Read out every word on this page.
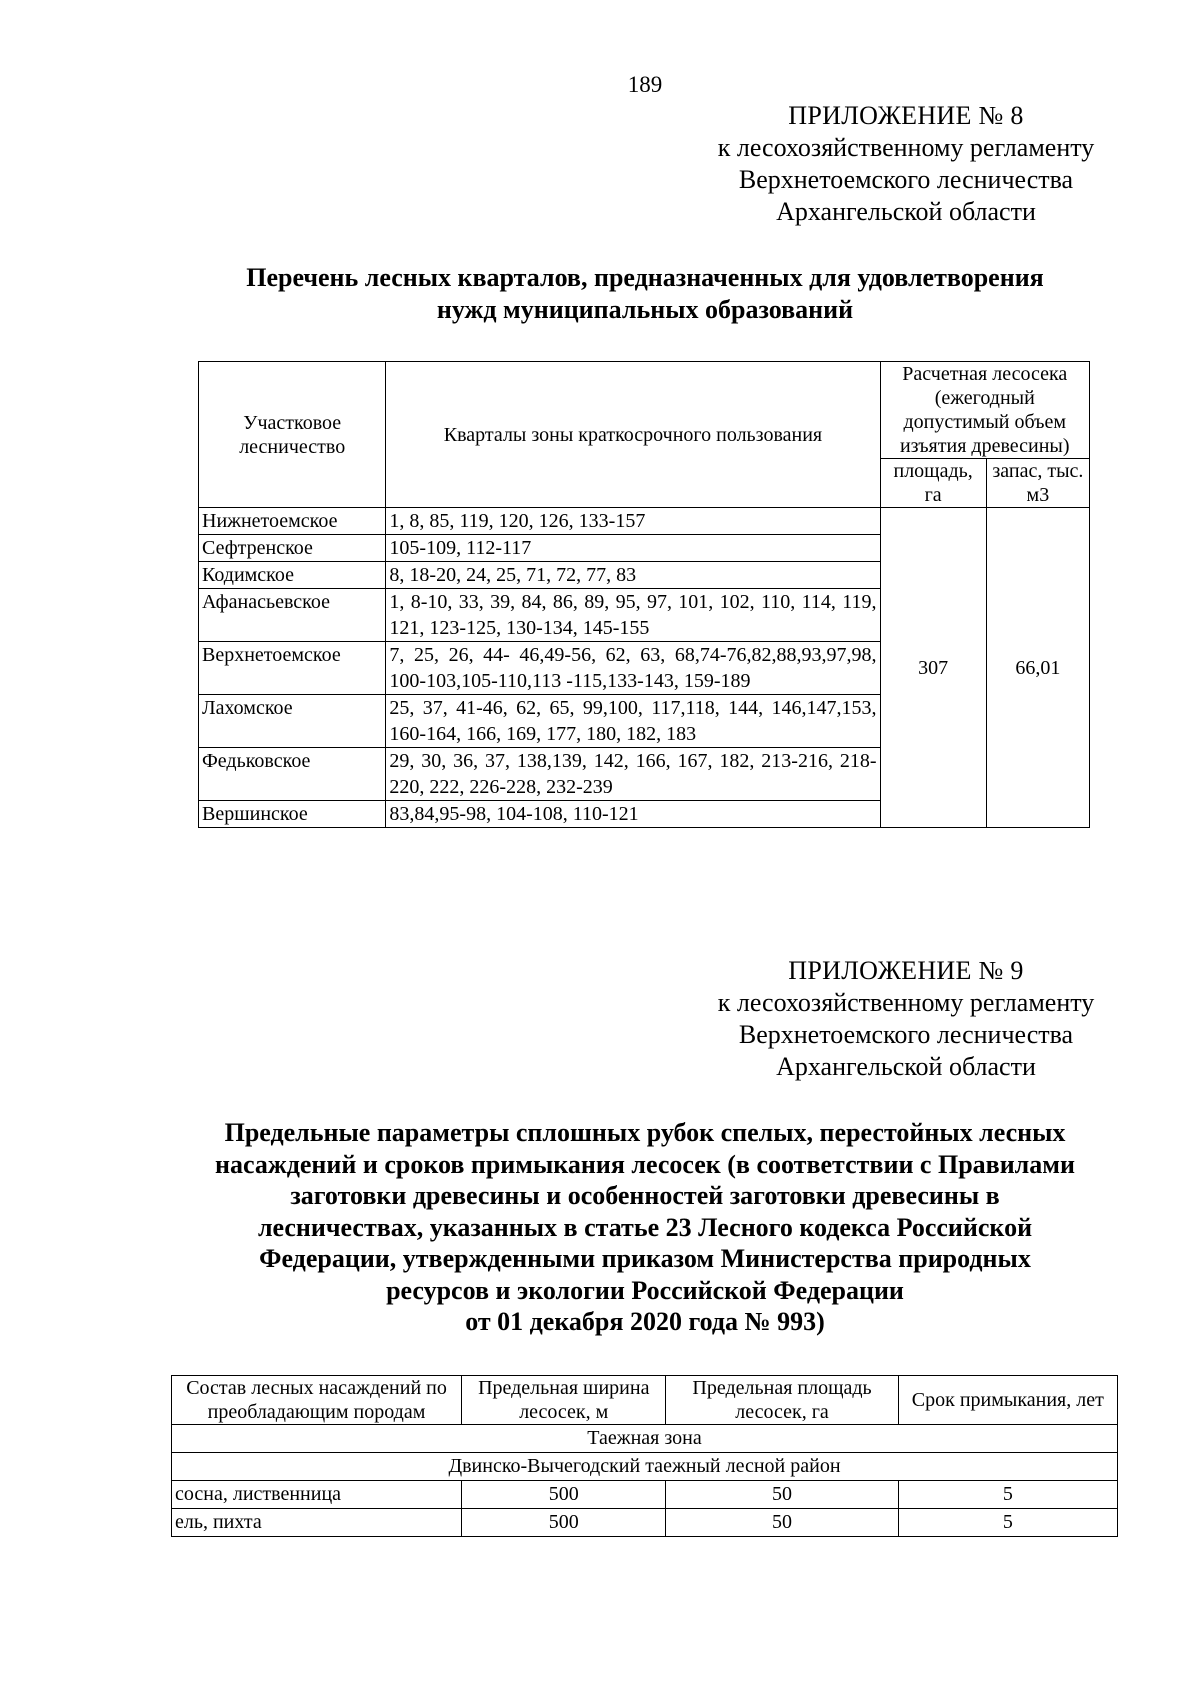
189
ПРИЛОЖЕНИЕ № 8
к лесохозяйственному регламенту
Верхнетоемского лесничества
Архангельской области
Перечень лесных кварталов, предназначенных для удовлетворения
нужд муниципальных образований
Участковое лесничество	Кварталы зоны краткосрочного пользования	Расчетная лесосека (ежегодный допустимый объем изъятия древесины)	
		площадь, га	запас, тыс. м3
Нижнетоемское	1, 8, 85, 119, 120, 126, 133-157	307	66,01
Сефтренское	105-109, 112-117		
Кодимское	8, 18-20, 24, 25, 71, 72, 77, 83		
Афанасьевское	1, 8-10, 33, 39, 84, 86, 89, 95, 97, 101, 102, 110, 114, 119, 121, 123-125, 130-134, 145-155		
Верхнетоемское	7, 25, 26, 44- 46,49-56, 62, 63, 68,74-76,82,88,93,97,98, 100-103,105-110,113 -115,133-143, 159-189		
Лахомское	25, 37, 41-46, 62, 65, 99,100, 117,118, 144, 146,147,153, 160-164, 166, 169, 177, 180, 182, 183		
Федьковское	29, 30, 36, 37, 138,139, 142, 166, 167, 182, 213-216, 218-220, 222, 226-228, 232-239		
Вершинское	83,84,95-98, 104-108, 110-121		
ПРИЛОЖЕНИЕ № 9
к лесохозяйственному регламенту
Верхнетоемского лесничества
Архангельской области
Предельные параметры сплошных рубок спелых, перестойных лесных
насаждений и сроков примыкания лесосек (в соответствии с Правилами
заготовки древесины и особенностей заготовки древесины в
лесничествах, указанных в статье 23 Лесного кодекса Российской
Федерации, утвержденными приказом Министерства природных
ресурсов и экологии Российской Федерации
от 01 декабря 2020 года № 993)
Состав лесных насаждений по преобладающим породам	Предельная ширина лесосек, м	Предельная площадь лесосек, га	Срок примыкания, лет
Таежная зона			
Двинско-Вычегодский таежный лесной район			
сосна, лиственница	500	50	5
ель, пихта	500	50	5
